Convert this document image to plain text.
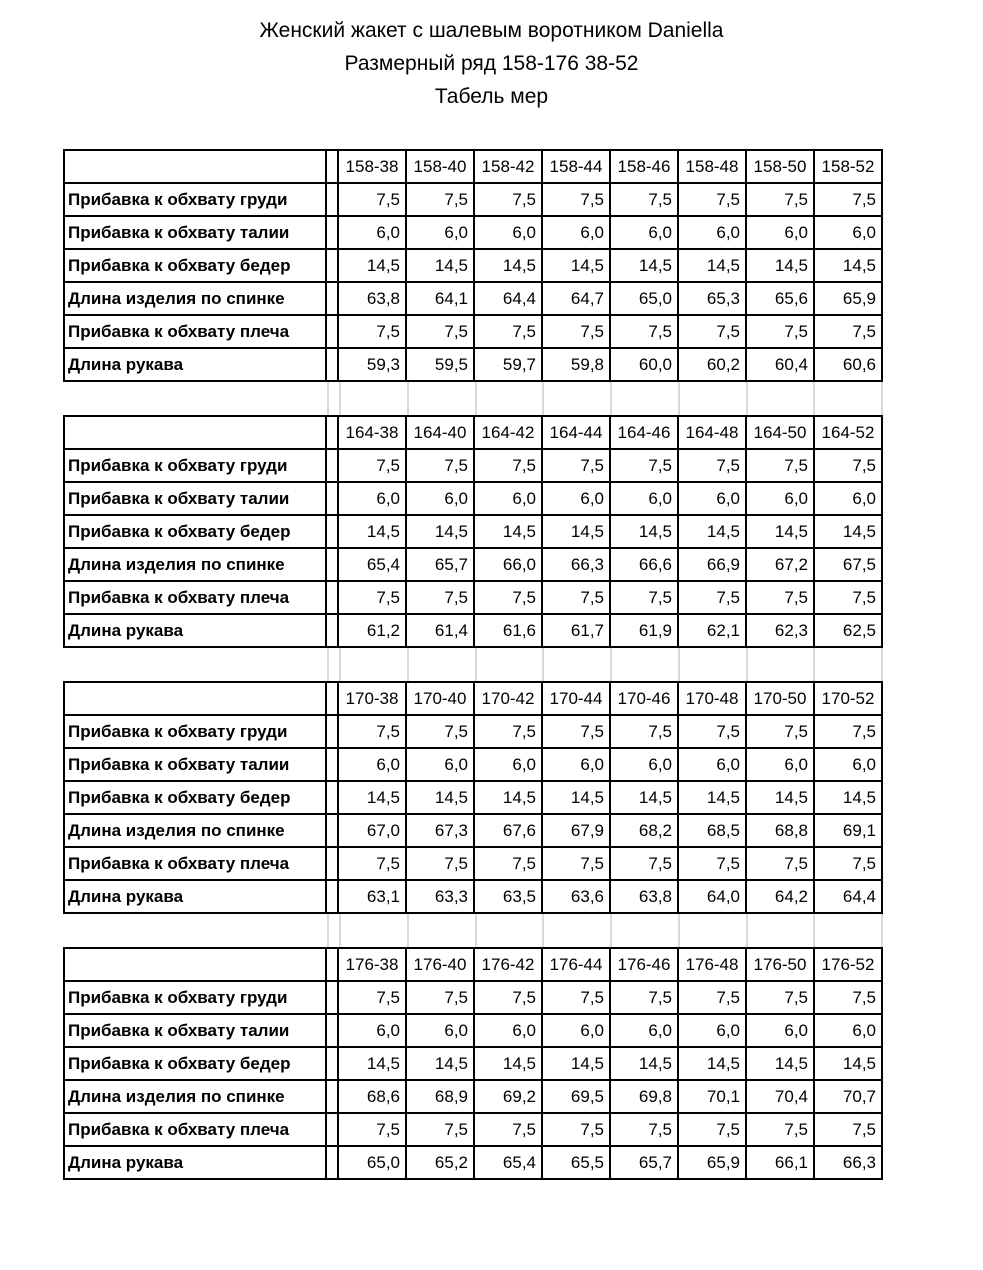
Женский жакет с шалевым воротником Daniella
Размерный ряд 158-176 38-52
Табель мер
		158-38	158-40	158-42	158-44	158-46	158-48	158-50	158-52
Прибавка к обхвату груди		7,5	7,5	7,5	7,5	7,5	7,5	7,5	7,5
Прибавка к обхвату талии		6,0	6,0	6,0	6,0	6,0	6,0	6,0	6,0
Прибавка к обхвату бедер		14,5	14,5	14,5	14,5	14,5	14,5	14,5	14,5
Длина изделия по спинке		63,8	64,1	64,4	64,7	65,0	65,3	65,6	65,9
Прибавка к обхвату плеча		7,5	7,5	7,5	7,5	7,5	7,5	7,5	7,5
Длина рукава		59,3	59,5	59,7	59,8	60,0	60,2	60,4	60,6
		164-38	164-40	164-42	164-44	164-46	164-48	164-50	164-52
Прибавка к обхвату груди		7,5	7,5	7,5	7,5	7,5	7,5	7,5	7,5
Прибавка к обхвату талии		6,0	6,0	6,0	6,0	6,0	6,0	6,0	6,0
Прибавка к обхвату бедер		14,5	14,5	14,5	14,5	14,5	14,5	14,5	14,5
Длина изделия по спинке		65,4	65,7	66,0	66,3	66,6	66,9	67,2	67,5
Прибавка к обхвату плеча		7,5	7,5	7,5	7,5	7,5	7,5	7,5	7,5
Длина рукава		61,2	61,4	61,6	61,7	61,9	62,1	62,3	62,5
		170-38	170-40	170-42	170-44	170-46	170-48	170-50	170-52
Прибавка к обхвату груди		7,5	7,5	7,5	7,5	7,5	7,5	7,5	7,5
Прибавка к обхвату талии		6,0	6,0	6,0	6,0	6,0	6,0	6,0	6,0
Прибавка к обхвату бедер		14,5	14,5	14,5	14,5	14,5	14,5	14,5	14,5
Длина изделия по спинке		67,0	67,3	67,6	67,9	68,2	68,5	68,8	69,1
Прибавка к обхвату плеча		7,5	7,5	7,5	7,5	7,5	7,5	7,5	7,5
Длина рукава		63,1	63,3	63,5	63,6	63,8	64,0	64,2	64,4
		176-38	176-40	176-42	176-44	176-46	176-48	176-50	176-52
Прибавка к обхвату груди		7,5	7,5	7,5	7,5	7,5	7,5	7,5	7,5
Прибавка к обхвату талии		6,0	6,0	6,0	6,0	6,0	6,0	6,0	6,0
Прибавка к обхвату бедер		14,5	14,5	14,5	14,5	14,5	14,5	14,5	14,5
Длина изделия по спинке		68,6	68,9	69,2	69,5	69,8	70,1	70,4	70,7
Прибавка к обхвату плеча		7,5	7,5	7,5	7,5	7,5	7,5	7,5	7,5
Длина рукава		65,0	65,2	65,4	65,5	65,7	65,9	66,1	66,3
